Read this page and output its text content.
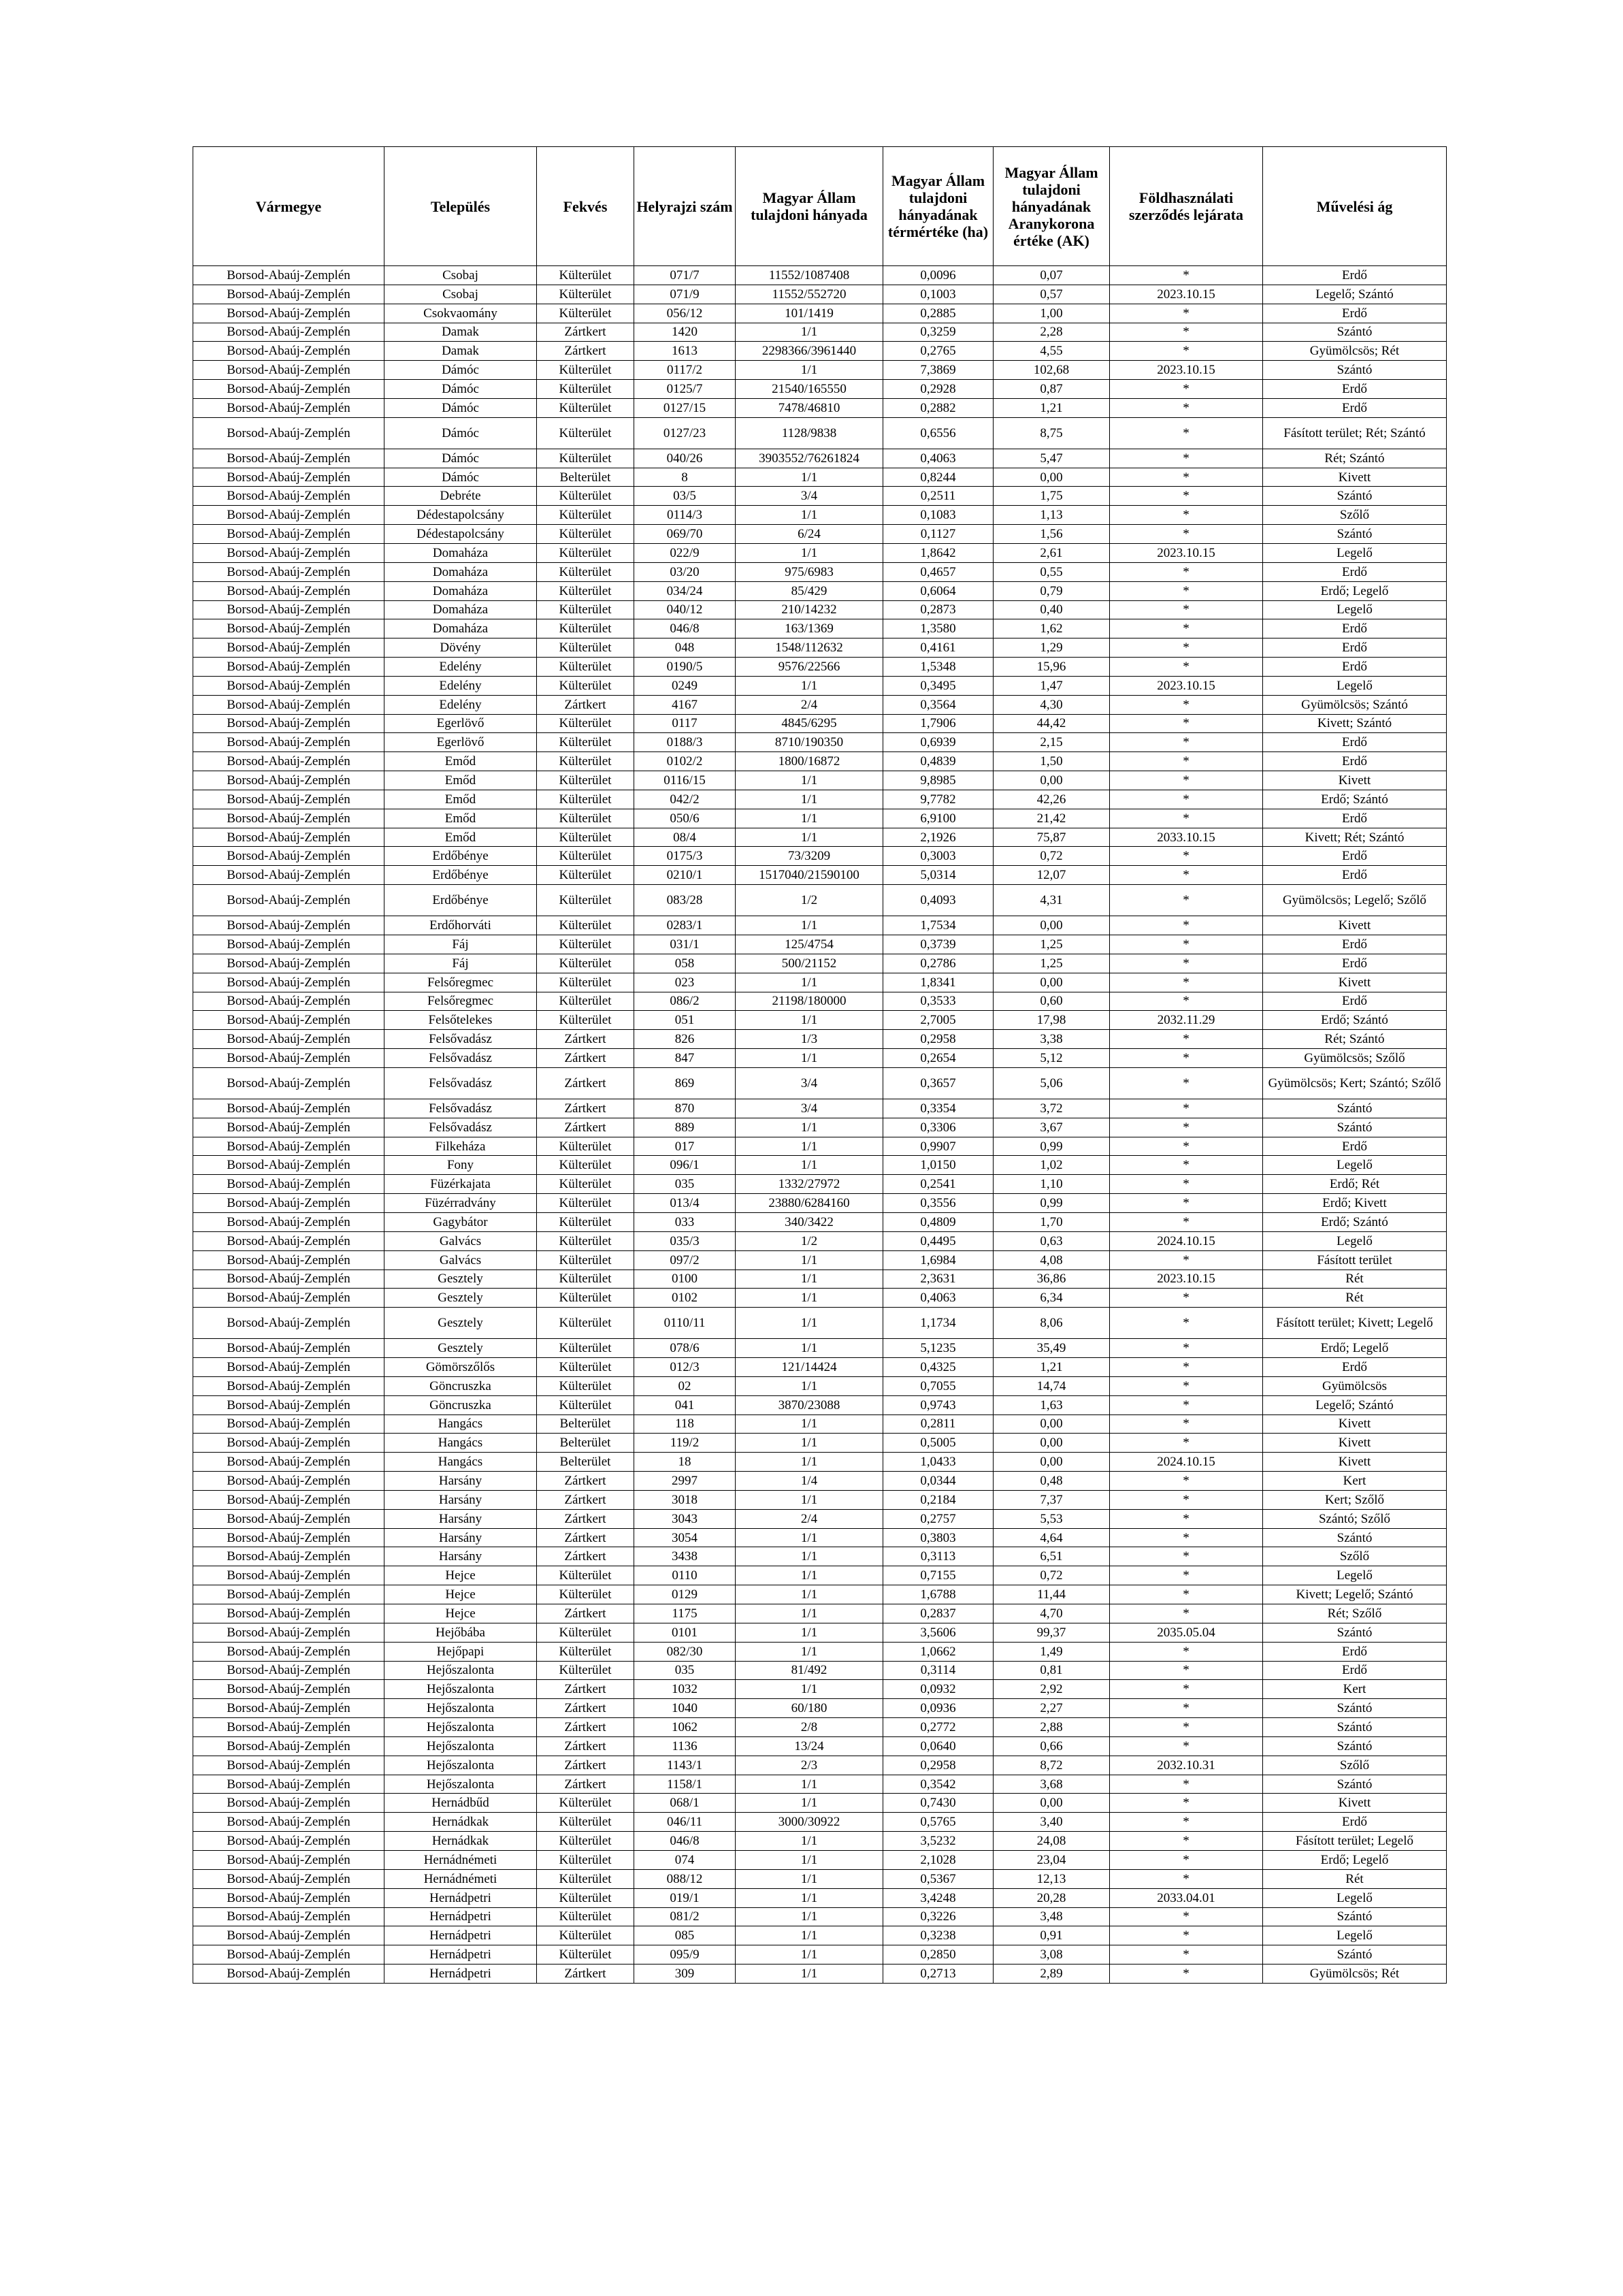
Vármegye	Település	Fekvés	Helyrajzi szám	Magyar Állam tulajdoni hányada	Magyar Állam tulajdoni hányadának térmértéke (ha)	Magyar Állam tulajdoni hányadának Aranykorona értéke (AK)	Földhasználati szerződés lejárata	Művelési ág
Borsod-Abaúj-Zemplén	Csobaj	Külterület	071/7	11552/1087408	0,0096	0,07	*	Erdő
Borsod-Abaúj-Zemplén	Csobaj	Külterület	071/9	11552/552720	0,1003	0,57	2023.10.15	Legelő; Szántó
Borsod-Abaúj-Zemplén	Csokvaomány	Külterület	056/12	101/1419	0,2885	1,00	*	Erdő
Borsod-Abaúj-Zemplén	Damak	Zártkert	1420	1/1	0,3259	2,28	*	Szántó
Borsod-Abaúj-Zemplén	Damak	Zártkert	1613	2298366/3961440	0,2765	4,55	*	Gyümölcsös; Rét
Borsod-Abaúj-Zemplén	Dámóc	Külterület	0117/2	1/1	7,3869	102,68	2023.10.15	Szántó
Borsod-Abaúj-Zemplén	Dámóc	Külterület	0125/7	21540/165550	0,2928	0,87	*	Erdő
Borsod-Abaúj-Zemplén	Dámóc	Külterület	0127/15	7478/46810	0,2882	1,21	*	Erdő
Borsod-Abaúj-Zemplén	Dámóc	Külterület	0127/23	1128/9838	0,6556	8,75	*	Fásított terület; Rét; Szántó
Borsod-Abaúj-Zemplén	Dámóc	Külterület	040/26	3903552/76261824	0,4063	5,47	*	Rét; Szántó
Borsod-Abaúj-Zemplén	Dámóc	Belterület	8	1/1	0,8244	0,00	*	Kivett
Borsod-Abaúj-Zemplén	Debréte	Külterület	03/5	3/4	0,2511	1,75	*	Szántó
Borsod-Abaúj-Zemplén	Dédestapolcsány	Külterület	0114/3	1/1	0,1083	1,13	*	Szőlő
Borsod-Abaúj-Zemplén	Dédestapolcsány	Külterület	069/70	6/24	0,1127	1,56	*	Szántó
Borsod-Abaúj-Zemplén	Domaháza	Külterület	022/9	1/1	1,8642	2,61	2023.10.15	Legelő
Borsod-Abaúj-Zemplén	Domaháza	Külterület	03/20	975/6983	0,4657	0,55	*	Erdő
Borsod-Abaúj-Zemplén	Domaháza	Külterület	034/24	85/429	0,6064	0,79	*	Erdő; Legelő
Borsod-Abaúj-Zemplén	Domaháza	Külterület	040/12	210/14232	0,2873	0,40	*	Legelő
Borsod-Abaúj-Zemplén	Domaháza	Külterület	046/8	163/1369	1,3580	1,62	*	Erdő
Borsod-Abaúj-Zemplén	Dövény	Külterület	048	1548/112632	0,4161	1,29	*	Erdő
Borsod-Abaúj-Zemplén	Edelény	Külterület	0190/5	9576/22566	1,5348	15,96	*	Erdő
Borsod-Abaúj-Zemplén	Edelény	Külterület	0249	1/1	0,3495	1,47	2023.10.15	Legelő
Borsod-Abaúj-Zemplén	Edelény	Zártkert	4167	2/4	0,3564	4,30	*	Gyümölcsös; Szántó
Borsod-Abaúj-Zemplén	Egerlövő	Külterület	0117	4845/6295	1,7906	44,42	*	Kivett; Szántó
Borsod-Abaúj-Zemplén	Egerlövő	Külterület	0188/3	8710/190350	0,6939	2,15	*	Erdő
Borsod-Abaúj-Zemplén	Emőd	Külterület	0102/2	1800/16872	0,4839	1,50	*	Erdő
Borsod-Abaúj-Zemplén	Emőd	Külterület	0116/15	1/1	9,8985	0,00	*	Kivett
Borsod-Abaúj-Zemplén	Emőd	Külterület	042/2	1/1	9,7782	42,26	*	Erdő; Szántó
Borsod-Abaúj-Zemplén	Emőd	Külterület	050/6	1/1	6,9100	21,42	*	Erdő
Borsod-Abaúj-Zemplén	Emőd	Külterület	08/4	1/1	2,1926	75,87	2033.10.15	Kivett; Rét; Szántó
Borsod-Abaúj-Zemplén	Erdőbénye	Külterület	0175/3	73/3209	0,3003	0,72	*	Erdő
Borsod-Abaúj-Zemplén	Erdőbénye	Külterület	0210/1	1517040/21590100	5,0314	12,07	*	Erdő
Borsod-Abaúj-Zemplén	Erdőbénye	Külterület	083/28	1/2	0,4093	4,31	*	Gyümölcsös; Legelő; Szőlő
Borsod-Abaúj-Zemplén	Erdőhorváti	Külterület	0283/1	1/1	1,7534	0,00	*	Kivett
Borsod-Abaúj-Zemplén	Fáj	Külterület	031/1	125/4754	0,3739	1,25	*	Erdő
Borsod-Abaúj-Zemplén	Fáj	Külterület	058	500/21152	0,2786	1,25	*	Erdő
Borsod-Abaúj-Zemplén	Felsőregmec	Külterület	023	1/1	1,8341	0,00	*	Kivett
Borsod-Abaúj-Zemplén	Felsőregmec	Külterület	086/2	21198/180000	0,3533	0,60	*	Erdő
Borsod-Abaúj-Zemplén	Felsőtelekes	Külterület	051	1/1	2,7005	17,98	2032.11.29	Erdő; Szántó
Borsod-Abaúj-Zemplén	Felsővadász	Zártkert	826	1/3	0,2958	3,38	*	Rét; Szántó
Borsod-Abaúj-Zemplén	Felsővadász	Zártkert	847	1/1	0,2654	5,12	*	Gyümölcsös; Szőlő
Borsod-Abaúj-Zemplén	Felsővadász	Zártkert	869	3/4	0,3657	5,06	*	Gyümölcsös; Kert; Szántó; Szőlő
Borsod-Abaúj-Zemplén	Felsővadász	Zártkert	870	3/4	0,3354	3,72	*	Szántó
Borsod-Abaúj-Zemplén	Felsővadász	Zártkert	889	1/1	0,3306	3,67	*	Szántó
Borsod-Abaúj-Zemplén	Filkeháza	Külterület	017	1/1	0,9907	0,99	*	Erdő
Borsod-Abaúj-Zemplén	Fony	Külterület	096/1	1/1	1,0150	1,02	*	Legelő
Borsod-Abaúj-Zemplén	Füzérkajata	Külterület	035	1332/27972	0,2541	1,10	*	Erdő; Rét
Borsod-Abaúj-Zemplén	Füzérradvány	Külterület	013/4	23880/6284160	0,3556	0,99	*	Erdő; Kivett
Borsod-Abaúj-Zemplén	Gagybátor	Külterület	033	340/3422	0,4809	1,70	*	Erdő; Szántó
Borsod-Abaúj-Zemplén	Galvács	Külterület	035/3	1/2	0,4495	0,63	2024.10.15	Legelő
Borsod-Abaúj-Zemplén	Galvács	Külterület	097/2	1/1	1,6984	4,08	*	Fásított terület
Borsod-Abaúj-Zemplén	Gesztely	Külterület	0100	1/1	2,3631	36,86	2023.10.15	Rét
Borsod-Abaúj-Zemplén	Gesztely	Külterület	0102	1/1	0,4063	6,34	*	Rét
Borsod-Abaúj-Zemplén	Gesztely	Külterület	0110/11	1/1	1,1734	8,06	*	Fásított terület; Kivett; Legelő
Borsod-Abaúj-Zemplén	Gesztely	Külterület	078/6	1/1	5,1235	35,49	*	Erdő; Legelő
Borsod-Abaúj-Zemplén	Gömörszőlős	Külterület	012/3	121/14424	0,4325	1,21	*	Erdő
Borsod-Abaúj-Zemplén	Göncruszka	Külterület	02	1/1	0,7055	14,74	*	Gyümölcsös
Borsod-Abaúj-Zemplén	Göncruszka	Külterület	041	3870/23088	0,9743	1,63	*	Legelő; Szántó
Borsod-Abaúj-Zemplén	Hangács	Belterület	118	1/1	0,2811	0,00	*	Kivett
Borsod-Abaúj-Zemplén	Hangács	Belterület	119/2	1/1	0,5005	0,00	*	Kivett
Borsod-Abaúj-Zemplén	Hangács	Belterület	18	1/1	1,0433	0,00	2024.10.15	Kivett
Borsod-Abaúj-Zemplén	Harsány	Zártkert	2997	1/4	0,0344	0,48	*	Kert
Borsod-Abaúj-Zemplén	Harsány	Zártkert	3018	1/1	0,2184	7,37	*	Kert; Szőlő
Borsod-Abaúj-Zemplén	Harsány	Zártkert	3043	2/4	0,2757	5,53	*	Szántó; Szőlő
Borsod-Abaúj-Zemplén	Harsány	Zártkert	3054	1/1	0,3803	4,64	*	Szántó
Borsod-Abaúj-Zemplén	Harsány	Zártkert	3438	1/1	0,3113	6,51	*	Szőlő
Borsod-Abaúj-Zemplén	Hejce	Külterület	0110	1/1	0,7155	0,72	*	Legelő
Borsod-Abaúj-Zemplén	Hejce	Külterület	0129	1/1	1,6788	11,44	*	Kivett; Legelő; Szántó
Borsod-Abaúj-Zemplén	Hejce	Zártkert	1175	1/1	0,2837	4,70	*	Rét; Szőlő
Borsod-Abaúj-Zemplén	Hejőbába	Külterület	0101	1/1	3,5606	99,37	2035.05.04	Szántó
Borsod-Abaúj-Zemplén	Hejőpapi	Külterület	082/30	1/1	1,0662	1,49	*	Erdő
Borsod-Abaúj-Zemplén	Hejőszalonta	Külterület	035	81/492	0,3114	0,81	*	Erdő
Borsod-Abaúj-Zemplén	Hejőszalonta	Zártkert	1032	1/1	0,0932	2,92	*	Kert
Borsod-Abaúj-Zemplén	Hejőszalonta	Zártkert	1040	60/180	0,0936	2,27	*	Szántó
Borsod-Abaúj-Zemplén	Hejőszalonta	Zártkert	1062	2/8	0,2772	2,88	*	Szántó
Borsod-Abaúj-Zemplén	Hejőszalonta	Zártkert	1136	13/24	0,0640	0,66	*	Szántó
Borsod-Abaúj-Zemplén	Hejőszalonta	Zártkert	1143/1	2/3	0,2958	8,72	2032.10.31	Szőlő
Borsod-Abaúj-Zemplén	Hejőszalonta	Zártkert	1158/1	1/1	0,3542	3,68	*	Szántó
Borsod-Abaúj-Zemplén	Hernádbűd	Külterület	068/1	1/1	0,7430	0,00	*	Kivett
Borsod-Abaúj-Zemplén	Hernádkak	Külterület	046/11	3000/30922	0,5765	3,40	*	Erdő
Borsod-Abaúj-Zemplén	Hernádkak	Külterület	046/8	1/1	3,5232	24,08	*	Fásított terület; Legelő
Borsod-Abaúj-Zemplén	Hernádnémeti	Külterület	074	1/1	2,1028	23,04	*	Erdő; Legelő
Borsod-Abaúj-Zemplén	Hernádnémeti	Külterület	088/12	1/1	0,5367	12,13	*	Rét
Borsod-Abaúj-Zemplén	Hernádpetri	Külterület	019/1	1/1	3,4248	20,28	2033.04.01	Legelő
Borsod-Abaúj-Zemplén	Hernádpetri	Külterület	081/2	1/1	0,3226	3,48	*	Szántó
Borsod-Abaúj-Zemplén	Hernádpetri	Külterület	085	1/1	0,3238	0,91	*	Legelő
Borsod-Abaúj-Zemplén	Hernádpetri	Külterület	095/9	1/1	0,2850	3,08	*	Szántó
Borsod-Abaúj-Zemplén	Hernádpetri	Zártkert	309	1/1	0,2713	2,89	*	Gyümölcsös; Rét
